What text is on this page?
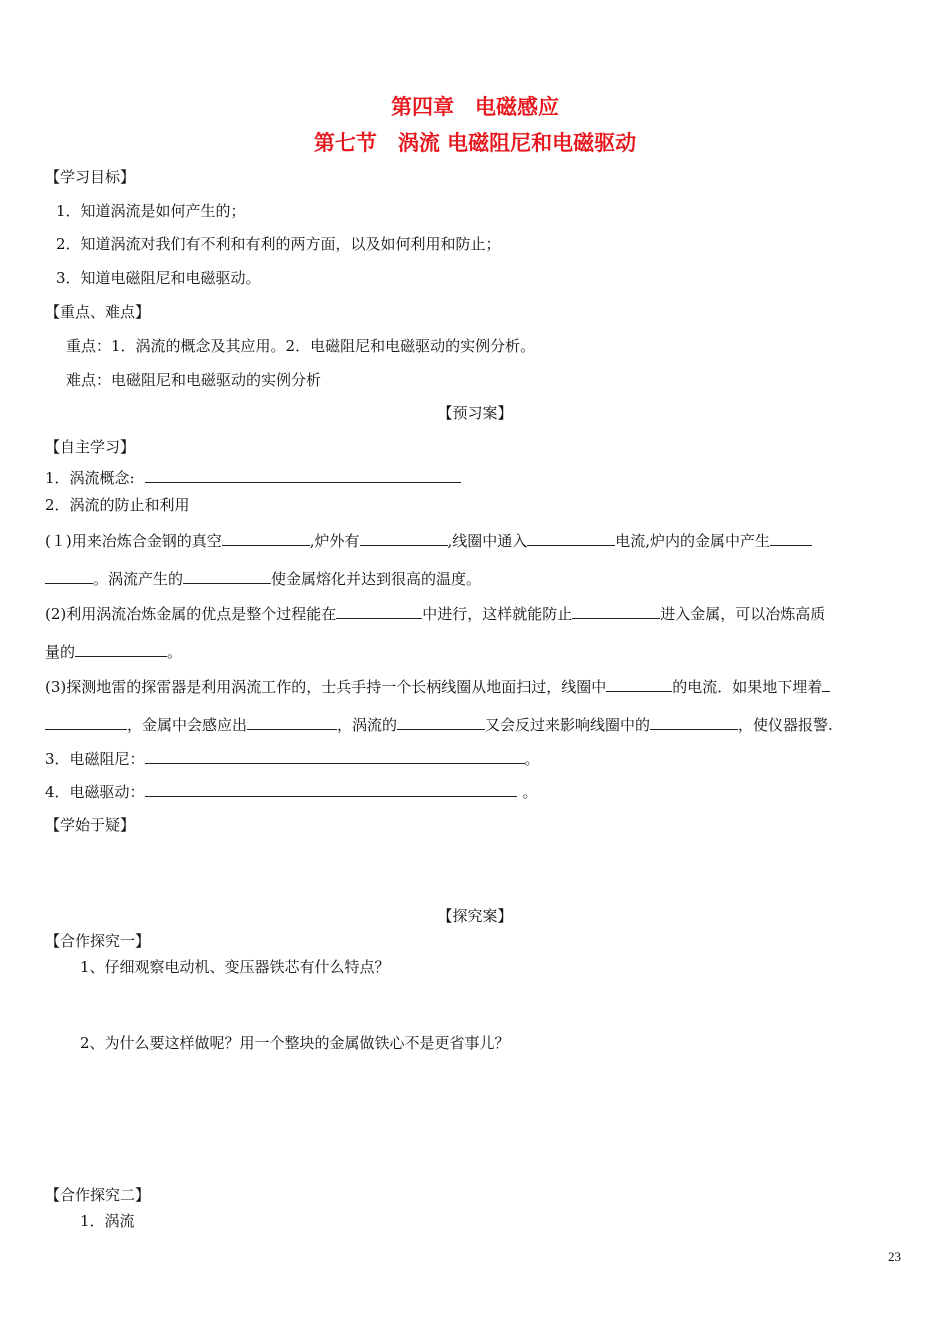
第四章　电磁感应
第七节　涡流 电磁阻尼和电磁驱动
【学习目标】
1．知道涡流是如何产生的；
2．知道涡流对我们有不利和有利的两方面，以及如何利用和防止；
3．知道电磁阻尼和电磁驱动。
【重点、难点】
重点：1．涡流的概念及其应用。2．电磁阻尼和电磁驱动的实例分析。
难点：电磁阻尼和电磁驱动的实例分析
【预习案】
【自主学习】
1．涡流概念:
2．涡流的防止和利用
(１)用来冶炼合金钢的真空	,炉外有	,线圈中通入	电流,炉内的金属中产生
。涡流产生的	使金属熔化并达到很高的温度。
(2)利用涡流冶炼金属的优点是整个过程能在	中进行，这样就能防止	进入金属，可以冶炼高质
量的	。
(3)探测地雷的探雷器是利用涡流工作的，士兵手持一个长柄线圈从地面扫过，线圈中	的电流．如果地下埋着
，金属中会感应出	，涡流的	又会反过来影响线圈中的	，使仪器报警.
3．电磁阻尼：	。
4．电磁驱动：	。
【学始于疑】
【探究案】
【合作探究一】
1、仔细观察电动机、变压器铁芯有什么特点？
2、为什么要这样做呢？用一个整块的金属做铁心不是更省事儿？
【合作探究二】
1．涡流
23
